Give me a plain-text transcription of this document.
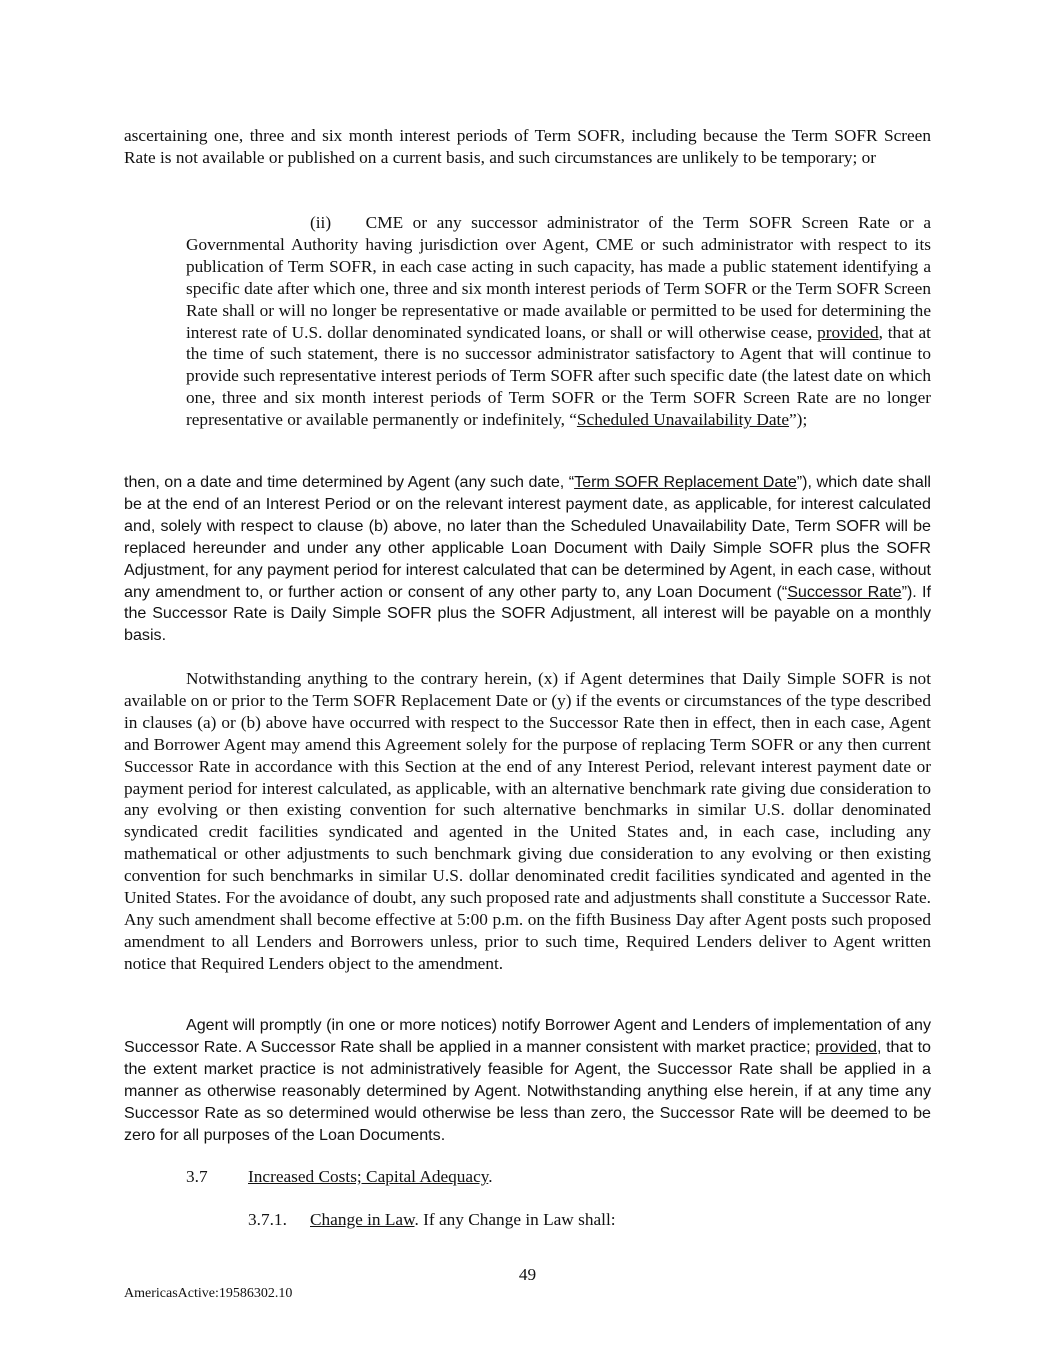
ascertaining one, three and six month interest periods of Term SOFR, including because the Term SOFR Screen Rate is not available or published on a current basis, and such circumstances are unlikely to be temporary; or

(ii)  CME or any successor administrator of the Term SOFR Screen Rate or a Governmental Authority having jurisdiction over Agent, CME or such administrator with respect to its publication of Term SOFR, in each case acting in such capacity, has made a public statement identifying a specific date after which one, three and six month interest periods of Term SOFR or the Term SOFR Screen Rate shall or will no longer be representative or made available or permitted to be used for determining the interest rate of U.S. dollar denominated syndicated loans, or shall or will otherwise cease, provided, that at the time of such statement, there is no successor administrator satisfactory to Agent that will continue to provide such representative interest periods of Term SOFR after such specific date (the latest date on which one, three and six month interest periods of Term SOFR or the Term SOFR Screen Rate are no longer representative or available permanently or indefinitely, “Scheduled Unavailability Date”);

then, on a date and time determined by Agent (any such date, “Term SOFR Replacement Date”), which date shall be at the end of an Interest Period or on the relevant interest payment date, as applicable, for interest calculated and, solely with respect to clause (b) above, no later than the Scheduled Unavailability Date, Term SOFR will be replaced hereunder and under any other applicable Loan Document with Daily Simple SOFR plus the SOFR Adjustment, for any payment period for interest calculated that can be determined by Agent, in each case, without any amendment to, or further action or consent of any other party to, any Loan Document (“Successor Rate”). If the Successor Rate is Daily Simple SOFR plus the SOFR Adjustment, all interest will be payable on a monthly basis.

Notwithstanding anything to the contrary herein, (x) if Agent determines that Daily Simple SOFR is not available on or prior to the Term SOFR Replacement Date or (y) if the events or circumstances of the type described in clauses (a) or (b) above have occurred with respect to the Successor Rate then in effect, then in each case, Agent and Borrower Agent may amend this Agreement solely for the purpose of replacing Term SOFR or any then current Successor Rate in accordance with this Section at the end of any Interest Period, relevant interest payment date or payment period for interest calculated, as applicable, with an alternative benchmark rate giving due consideration to any evolving or then existing convention for such alternative benchmarks in similar U.S. dollar denominated syndicated credit facilities syndicated and agented in the United States and, in each case, including any mathematical or other adjustments to such benchmark giving due consideration to any evolving or then existing convention for such benchmarks in similar U.S. dollar denominated credit facilities syndicated and agented in the United States. For the avoidance of doubt, any such proposed rate and adjustments shall constitute a Successor Rate. Any such amendment shall become effective at 5:00 p.m. on the fifth Business Day after Agent posts such proposed amendment to all Lenders and Borrowers unless, prior to such time, Required Lenders deliver to Agent written notice that Required Lenders object to the amendment.

Agent will promptly (in one or more notices) notify Borrower Agent and Lenders of implementation of any Successor Rate. A Successor Rate shall be applied in a manner consistent with market practice; provided, that to the extent market practice is not administratively feasible for Agent, the Successor Rate shall be applied in a manner as otherwise reasonably determined by Agent. Notwithstanding anything else herein, if at any time any Successor Rate as so determined would otherwise be less than zero, the Successor Rate will be deemed to be zero for all purposes of the Loan Documents.

3.7 Increased Costs; Capital Adequacy.
3.7.1. Change in Law. If any Change in Law shall:
49
AmericasActive:19586302.10
